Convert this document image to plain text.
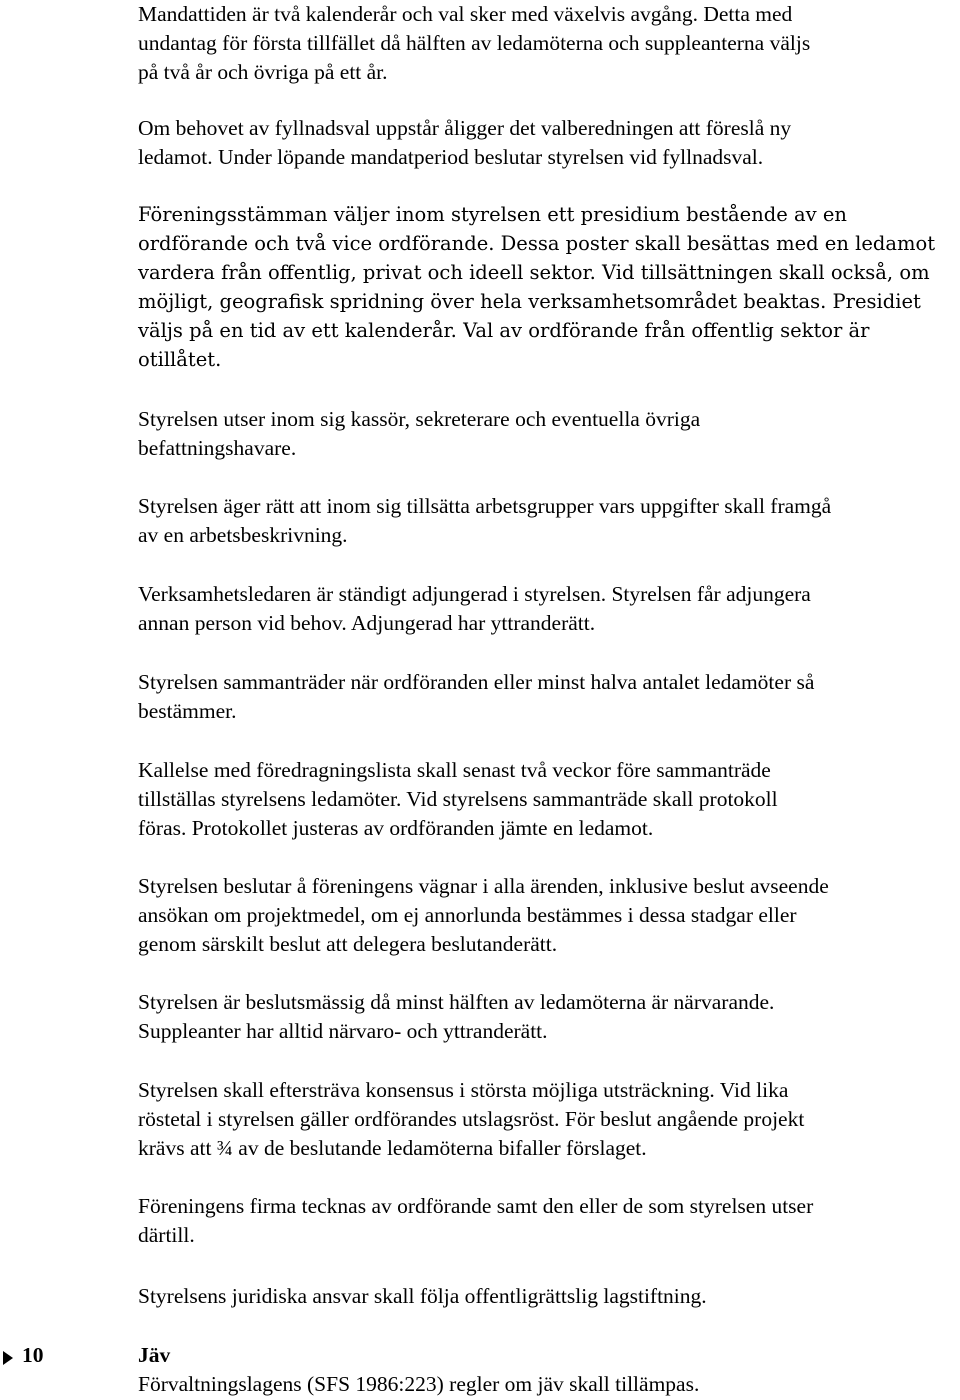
Mandattiden är två kalenderår och val sker med växelvis avgång. Detta med
undantag för första tillfället då hälften av ledamöterna och suppleanterna väljs
på två år och övriga på ett år.

Om behovet av fyllnadsval uppstår åligger det valberedningen att föreslå ny
ledamot. Under löpande mandatperiod beslutar styrelsen vid fyllnadsval.

Föreningsstämman väljer inom styrelsen ett presidium bestående av en
ordförande och två vice ordförande. Dessa poster skall besättas med en ledamot
vardera från offentlig, privat och ideell sektor. Vid tillsättningen skall också, om
möjligt, geografisk spridning över hela verksamhetsområdet beaktas. Presidiet
väljs på en tid av ett kalenderår. Val av ordförande från offentlig sektor är
otillåtet.

Styrelsen utser inom sig kassör, sekreterare och eventuella övriga
befattningshavare.

Styrelsen äger rätt att inom sig tillsätta arbetsgrupper vars uppgifter skall framgå
av en arbetsbeskrivning.

Verksamhetsledaren är ständigt adjungerad i styrelsen. Styrelsen får adjungera
annan person vid behov. Adjungerad har yttranderätt.

Styrelsen sammanträder när ordföranden eller minst halva antalet ledamöter så
bestämmer.

Kallelse med föredragningslista skall senast två veckor före sammanträde
tillställas styrelsens ledamöter. Vid styrelsens sammanträde skall protokoll
föras. Protokollet justeras av ordföranden jämte en ledamot.

Styrelsen beslutar å föreningens vägnar i alla ärenden, inklusive beslut avseende
ansökan om projektmedel, om ej annorlunda bestämmes i dessa stadgar eller
genom särskilt beslut att delegera beslutanderätt.

Styrelsen är beslutsmässig då minst hälften av ledamöterna är närvarande.
Suppleanter har alltid närvaro- och yttranderätt.

Styrelsen skall eftersträva konsensus i största möjliga utsträckning. Vid lika
röstetal i styrelsen gäller ordförandes utslagsröst. För beslut angående projekt
krävs att ¾ av de beslutande ledamöterna bifaller förslaget.

Föreningens firma tecknas av ordförande samt den eller de som styrelsen utser
därtill.

Styrelsens juridiska ansvar skall följa offentligrättslig lagstiftning.

10	Jäv
Förvaltningslagens (SFS 1986:223) regler om jäv skall tillämpas.
